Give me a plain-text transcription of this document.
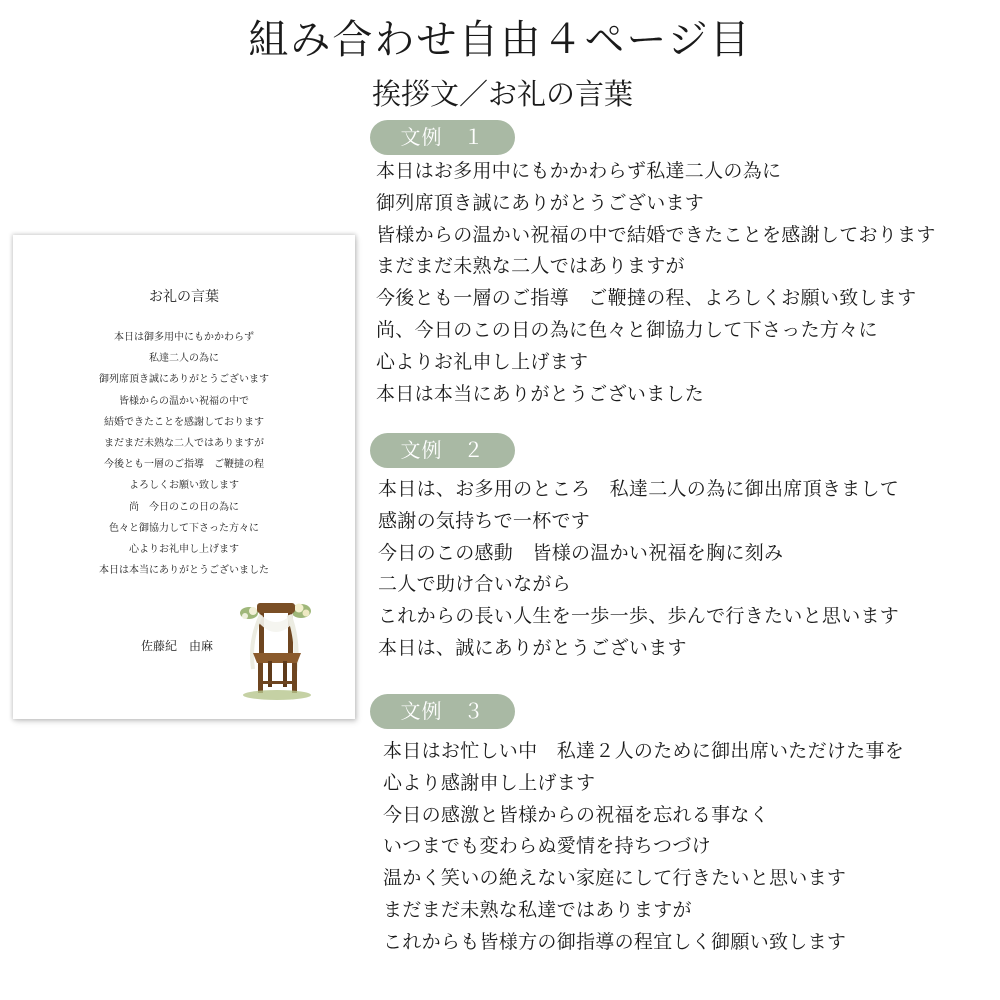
組み合わせ自由４ページ目
挨拶文／お礼の言葉
お礼の言葉
本日は御多用中にもかかわらず
私達二人の為に
御列席頂き誠にありがとうございます
皆様からの温かい祝福の中で
結婚できたことを感謝しております
まだまだ未熟な二人ではありますが
今後とも一層のご指導　ご鞭撻の程
よろしくお願い致します
尚　今日のこの日の為に
色々と御協力して下さった方々に
心よりお礼申し上げます
本日は本当にありがとうございました
佐藤紀　由麻
文例　１
本日はお多用中にもかかわらず私達二人の為に
御列席頂き誠にありがとうございます
皆様からの温かい祝福の中で結婚できたことを感謝しております
まだまだ未熟な二人ではありますが
今後とも一層のご指導　ご鞭撻の程、よろしくお願い致します
尚、今日のこの日の為に色々と御協力して下さった方々に
心よりお礼申し上げます
本日は本当にありがとうございました
文例　２
本日は、お多用のところ　私達二人の為に御出席頂きまして
感謝の気持ちで一杯です
今日のこの感動　皆様の温かい祝福を胸に刻み
二人で助け合いながら
これからの長い人生を一歩一歩、歩んで行きたいと思います
本日は、誠にありがとうございます
文例　３
本日はお忙しい中　私達２人のために御出席いただけた事を
心より感謝申し上げます
今日の感激と皆様からの祝福を忘れる事なく
いつまでも変わらぬ愛情を持ちつづけ
温かく笑いの絶えない家庭にして行きたいと思います
まだまだ未熟な私達ではありますが
これからも皆様方の御指導の程宜しく御願い致します
